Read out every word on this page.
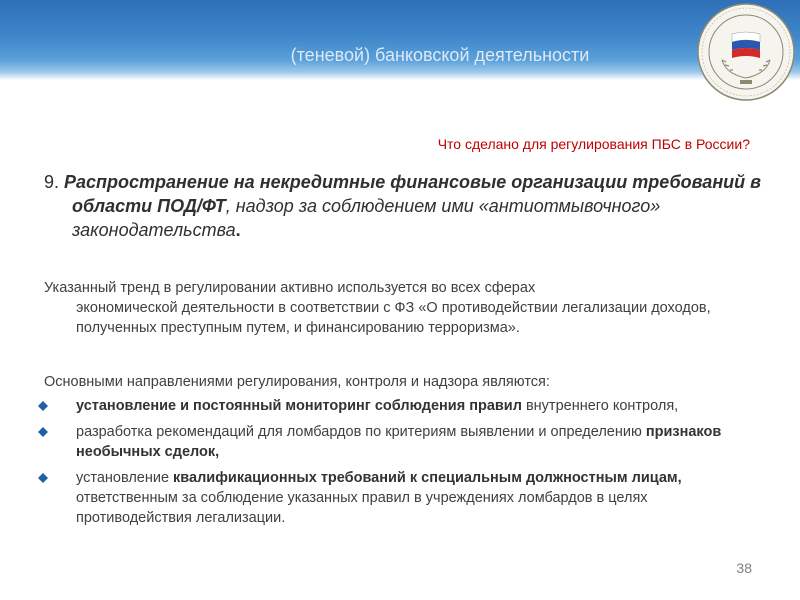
(теневой) банковской деятельности
Что сделано для регулирования ПБС в России?
9. Распространение на некредитные финансовые организации требований в области ПОД/ФТ, надзор за соблюдением ими «антиотмывочного» законодательства.
Указанный тренд в регулировании активно используется во всех сферах
экономической деятельности в соответствии с ФЗ «О противодействии легализации доходов, полученных преступным путем, и финансированию терроризма».
Основными направлениями регулирования, контроля и надзора являются:
установление и постоянный мониторинг соблюдения правил внутреннего контроля,
разработка рекомендаций для ломбардов по критериям выявлении и определению признаков необычных сделок,
установление квалификационных требований к специальным должностным лицам, ответственным за соблюдение указанных правил в учреждениях ломбардов в целях противодействия легализации.
38
